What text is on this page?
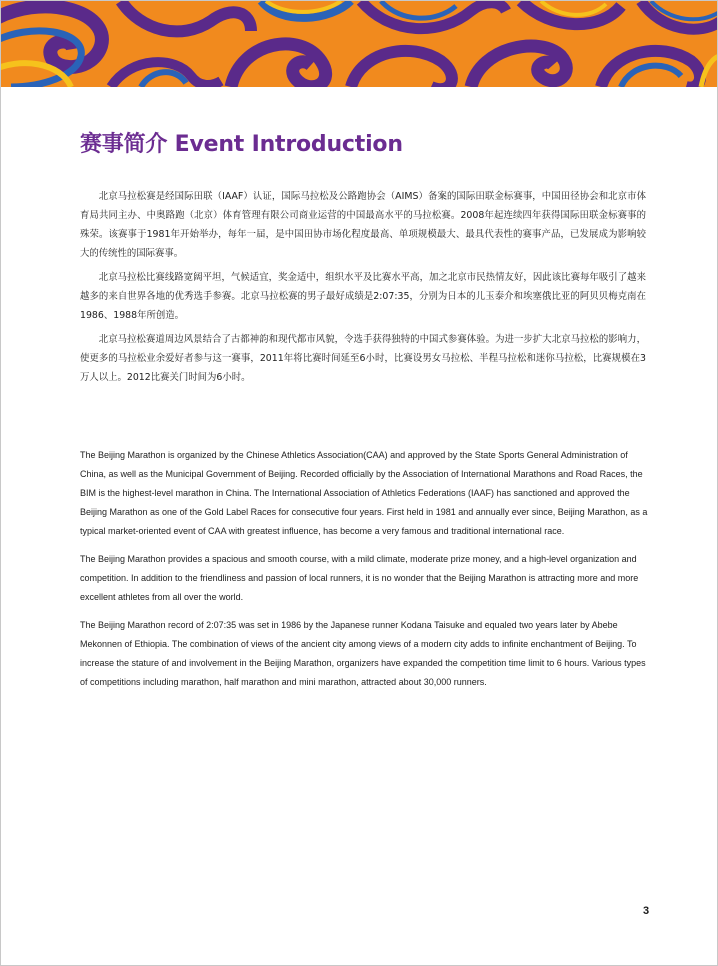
赛事简介 Event Introduction

北京马拉松赛是经国际田联（IAAF）认证，国际马拉松及公路跑协会（AIMS）备案的国际田联金标赛事，中国田径协会和北京市体育局共同主办、中奥路跑（北京）体育管理有限公司商业运营的中国最高水平的马拉松赛。2008年起连续四年获得国际田联金标赛事的殊荣。该赛事于1981年开始举办，每年一届，是中国田协市场化程度最高、单项规模最大、最具代表性的赛事产品，已发展成为影响较大的传统性的国际赛事。

北京马拉松比赛线路宽阔平坦，气候适宜，奖金适中，组织水平及比赛水平高，加之北京市民热情友好，因此该比赛每年吸引了越来越多的来自世界各地的优秀选手参赛。北京马拉松赛的男子最好成绩是2:07:35，分别为日本的儿玉泰介和埃塞俄比亚的阿贝贝梅克南在1986、1988年所创造。

北京马拉松赛道周边风景结合了古都神韵和现代都市风貌，令选手获得独特的中国式参赛体验。为进一步扩大北京马拉松的影响力，使更多的马拉松业余爱好者参与这一赛事，2011年将比赛时间延至6小时，比赛设男女马拉松、半程马拉松和迷你马拉松，比赛规模在3万人以上。2012比赛关门时间为6小时。

The Beijing Marathon is organized by the Chinese Athletics Association(CAA) and approved by the State Sports General Administration of China, as well as the Municipal Government of Beijing. Recorded officially by the Association of International Marathons and Road Races, the BIM is the highest-level marathon in China. The International Association of Athletics Federations (IAAF) has sanctioned and approved the Beijing Marathon as one of the Gold Label Races for consecutive four years. First held in 1981 and annually ever since, Beijing Marathon, as a typical market-oriented event of CAA with greatest influence, has become a very famous and traditional international race.

The Beijing Marathon provides a spacious and smooth course, with a mild climate, moderate prize money, and a high-level organization and competition. In addition to the friendliness and passion of local runners, it is no wonder that the Beijing Marathon is attracting more and more excellent athletes from all over the world.

The Beijing Marathon record of 2:07:35 was set in 1986 by the Japanese runner Kodana Taisuke and equaled two years later by Abebe Mekonnen of Ethiopia. The combination of views of the ancient city among views of a modern city adds to infinite enchantment of Beijing. To increase the stature of and involvement in the Beijing Marathon, organizers have expanded the competition time limit to 6 hours. Various types of competitions including marathon, half marathon and mini marathon, attracted about 30,000 runners.

3
